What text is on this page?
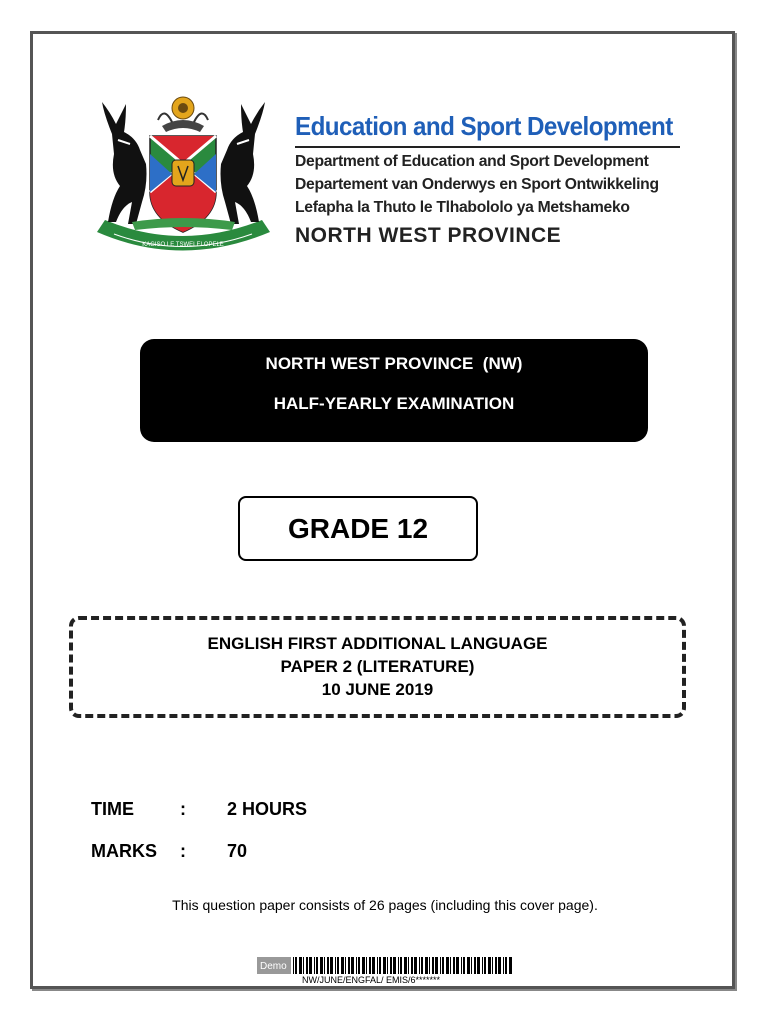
KAGISO LE TSWELELOPELE
Education and Sport Development
Department of Education and Sport Development
Departement van Onderwys en Sport Ontwikkeling
Lefapha la Thuto le Tlhabololo ya Metshameko
NORTH WEST PROVINCE
NORTH WEST PROVINCE  (NW)
HALF-YEARLY EXAMINATION
GRADE 12
ENGLISH FIRST ADDITIONAL LANGUAGE
PAPER 2 (LITERATURE)
10 JUNE 2019
TIME	: 2 HOURS
MARKS : 70
This question paper consists of 26 pages (including this cover page).
Demo
NW/JUNE/ENGFAL/ EMIS/6*******
